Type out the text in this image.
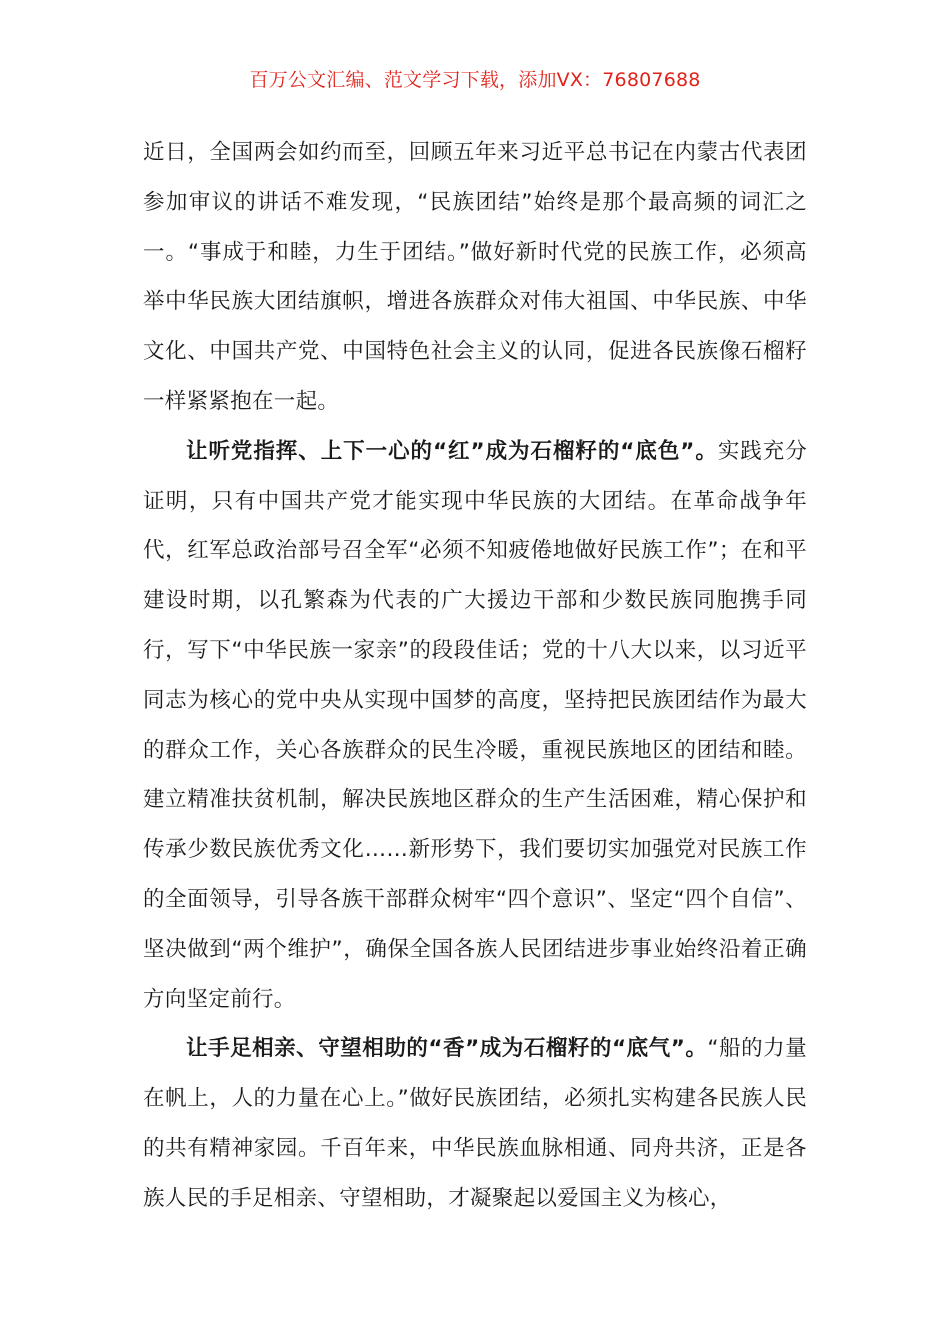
百万公文汇编、范文学习下载，添加VX：76807688

近日，全国两会如约而至，回顾五年来习近平总书记在内蒙古代表团参加审议的讲话不难发现，“民族团结”始终是那个最高频的词汇之一。“事成于和睦，力生于团结。”做好新时代党的民族工作，必须高举中华民族大团结旗帜，增进各族群众对伟大祖国、中华民族、中华文化、中国共产党、中国特色社会主义的认同，促进各民族像石榴籽一样紧紧抱在一起。

让听党指挥、上下一心的“红”成为石榴籽的“底色”。实践充分证明，只有中国共产党才能实现中华民族的大团结。在革命战争年代，红军总政治部号召全军“必须不知疲倦地做好民族工作”；在和平建设时期，以孔繁森为代表的广大援边干部和少数民族同胞携手同行，写下“中华民族一家亲”的段段佳话；党的十八大以来，以习近平同志为核心的党中央从实现中国梦的高度，坚持把民族团结作为最大的群众工作，关心各族群众的民生冷暖，重视民族地区的团结和睦。建立精准扶贫机制，解决民族地区群众的生产生活困难，精心保护和传承少数民族优秀文化……新形势下，我们要切实加强党对民族工作的全面领导，引导各族干部群众树牢“四个意识”、坚定“四个自信”、坚决做到“两个维护”，确保全国各族人民团结进步事业始终沿着正确方向坚定前行。

让手足相亲、守望相助的“香”成为石榴籽的“底气”。“船的力量在帆上，人的力量在心上。”做好民族团结，必须扎实构建各民族人民的共有精神家园。千百年来，中华民族血脉相通、同舟共济，正是各族人民的手足相亲、守望相助，才凝聚起以爱国主义为核心，
